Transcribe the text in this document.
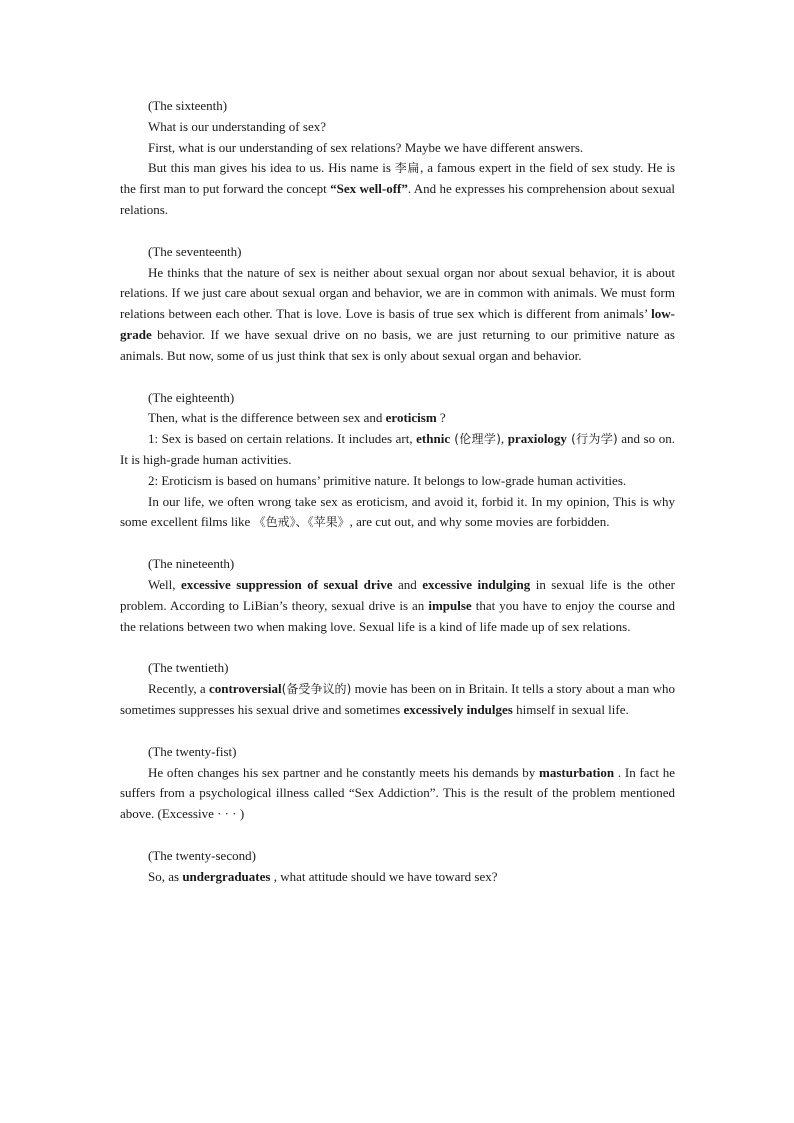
(The sixteenth)

What is our understanding of sex?

First, what is our understanding of sex relations? Maybe we have different answers.

But this man gives his idea to us. His name is 李扁, a famous expert in the field of sex study. He is the first man to put forward the concept “Sex well-off”. And he expresses his comprehension about sexual relations.

(The seventeenth)

He thinks that the nature of sex is neither about sexual organ nor about sexual behavior, it is about relations. If we just care about sexual organ and behavior, we are in common with animals. We must form relations between each other. That is love. Love is basis of true sex which is different from animals’ low-grade behavior. If we have sexual drive on no basis, we are just returning to our primitive nature as animals. But now, some of us just think that sex is only about sexual organ and behavior.

(The eighteenth)

Then, what is the difference between sex and eroticism ?

1: Sex is based on certain relations. It includes art, ethnic (伦理学), praxiology (行为学) and so on. It is high-grade human activities.

2: Eroticism is based on humans’ primitive nature. It belongs to low-grade human activities.

In our life, we often wrong take sex as eroticism, and avoid it, forbid it. In my opinion, This is why some excellent films like 《色戒》、《苹果》, are cut out, and why some movies are forbidden.

(The nineteenth)

Well, excessive suppression of sexual drive and excessive indulging in sexual life is the other problem. According to LiBian’s theory, sexual drive is an impulse that you have to enjoy the course and the relations between two when making love. Sexual life is a kind of life made up of sex relations.

(The twentieth)

Recently, a controversial(备受争议的) movie has been on in Britain. It tells a story about a man who sometimes suppresses his sexual drive and sometimes excessively indulges himself in sexual life.

(The twenty-fist)

He often changes his sex partner and he constantly meets his demands by masturbation . In fact he suffers from a psychological illness called “Sex Addiction”. This is the result of the problem mentioned above. (Excessive · · · )

(The twenty-second)

So, as undergraduates , what attitude should we have toward sex?
